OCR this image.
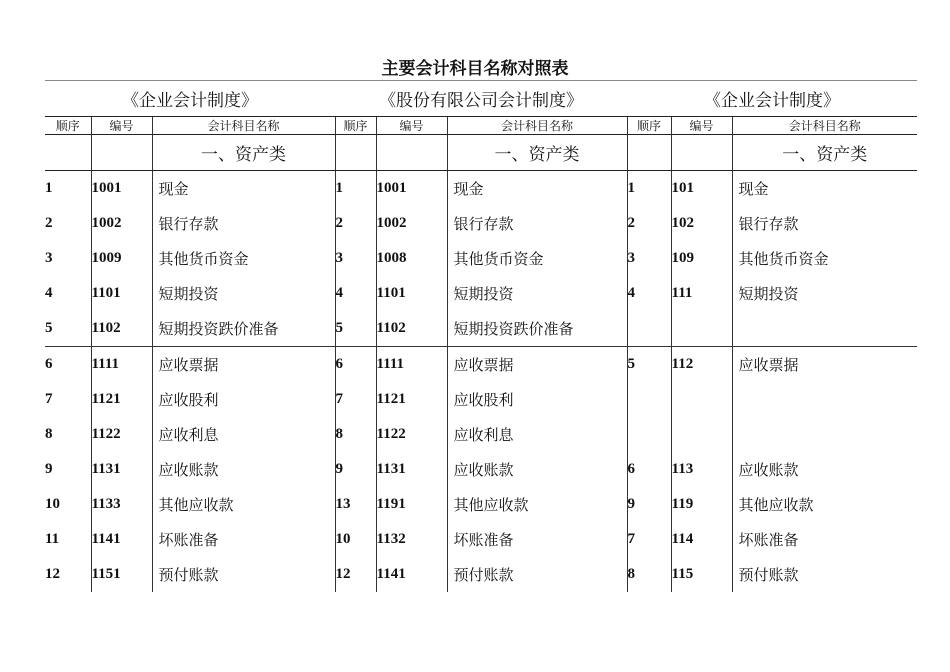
主要会计科目名称对照表
《企业会计制度》			《股份有限公司会计制度》			《企业会计制度》		
顺序	编号	会计科目名称	顺序	编号	会计科目名称	顺序	编号	会计科目名称
		一、资产类			一、资产类			一、资产类
1	1001	现金	1	1001	现金	1	101	现金
2	1002	银行存款	2	1002	银行存款	2	102	银行存款
3	1009	其他货币资金	3	1008	其他货币资金	3	109	其他货币资金
4	1101	短期投资	4	1101	短期投资	4	111	短期投资
5	1102	短期投资跌价准备	5	1102	短期投资跌价准备			
6	1111	应收票据	6	1111	应收票据	5	112	应收票据
7	1121	应收股利	7	1121	应收股利			
8	1122	应收利息	8	1122	应收利息			
9	1131	应收账款	9	1131	应收账款	6	113	应收账款
10	1133	其他应收款	13	1191	其他应收款	9	119	其他应收款
11	1141	坏账准备	10	1132	坏账准备	7	114	坏账准备
12	1151	预付账款	12	1141	预付账款	8	115	预付账款
